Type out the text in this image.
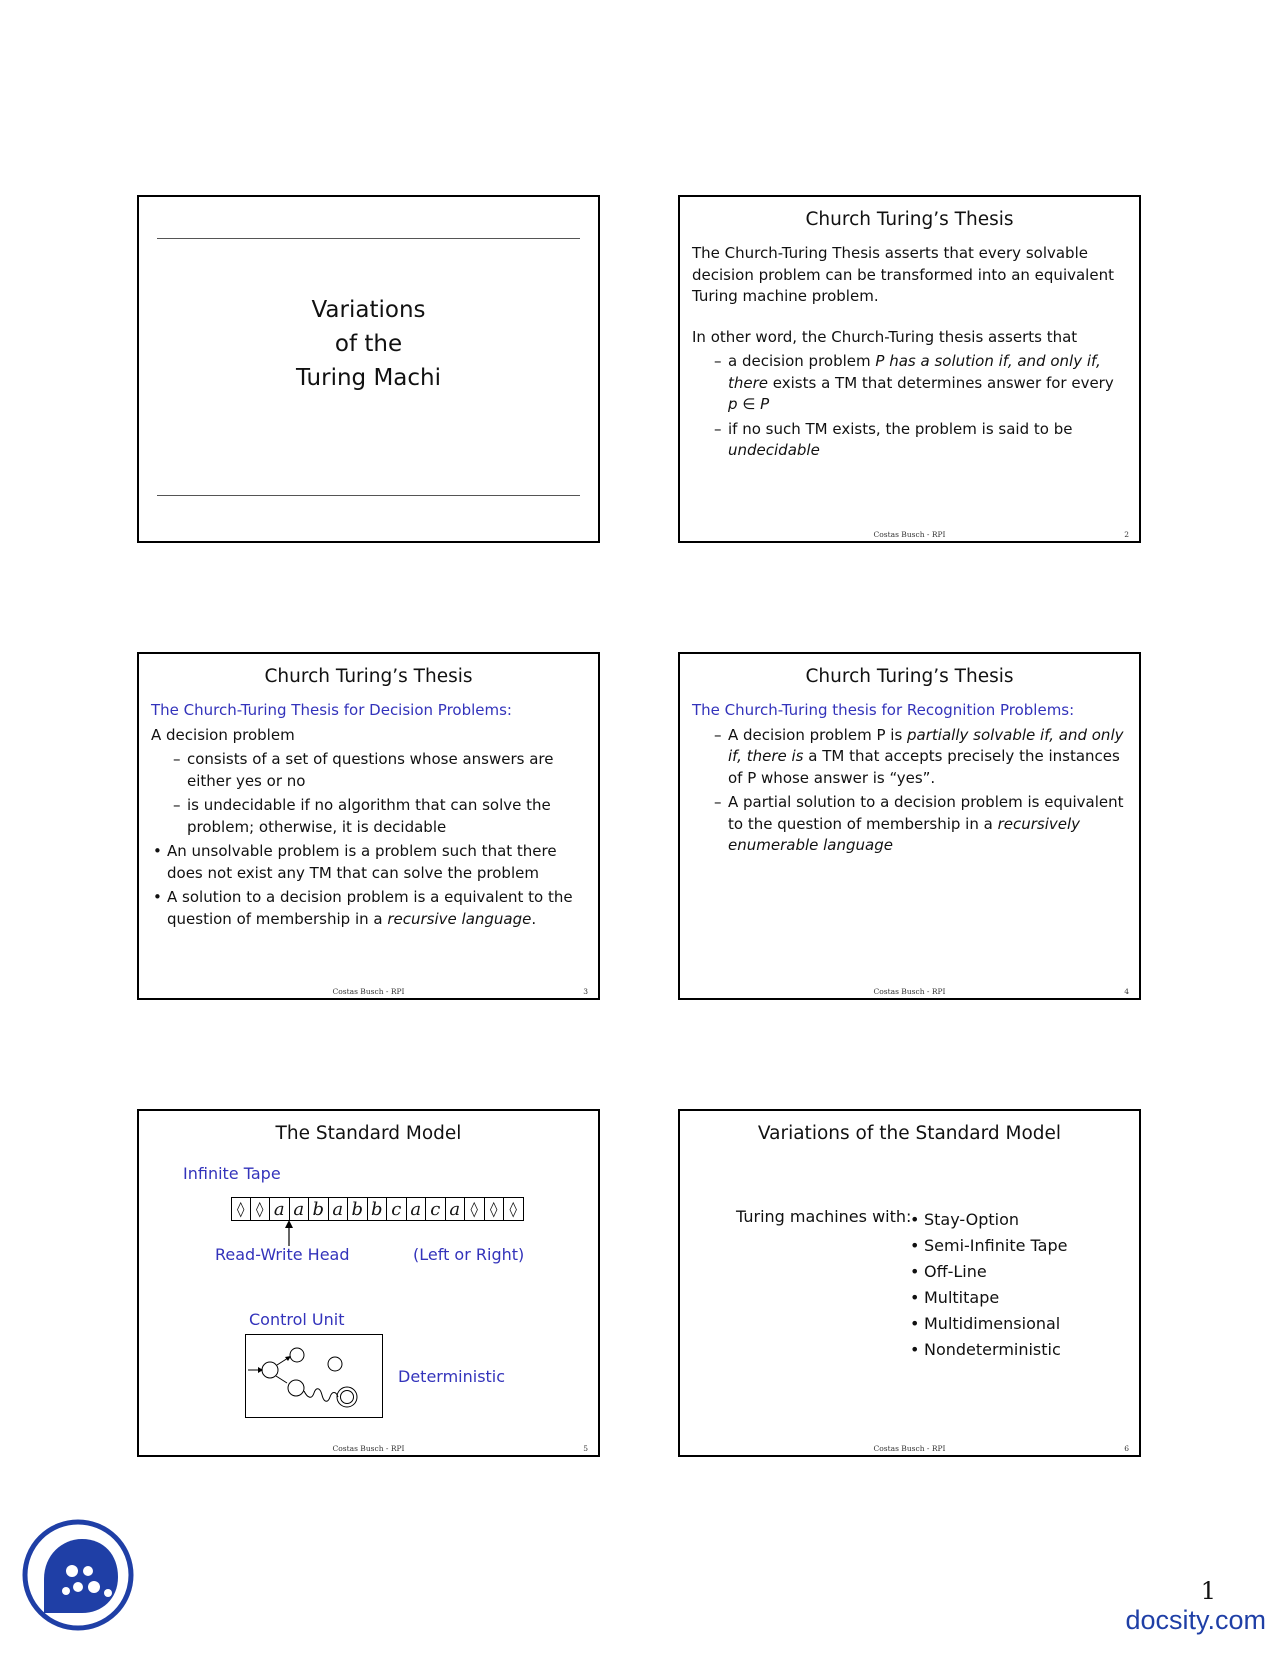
Variations
of the
Turing Machi
Church Turing’s Thesis
The Church-Turing Thesis asserts that every solvable decision problem can be transformed into an equivalent Turing machine problem.
In other word, the Church-Turing thesis asserts that
– a decision problem P has a solution if, and only if, there exists a TM that determines answer for every p ∈ P
– if no such TM exists, the problem is said to be
undecidable
Costas Busch - RPI	2
Church Turing’s Thesis
The Church-Turing Thesis for Decision Problems:
A decision problem
– consists of a set of questions whose answers are either yes or no
– is undecidable if no algorithm that can solve the problem; otherwise, it is decidable
• An unsolvable problem is a problem such that there does not exist any TM that can solve the problem
• A solution to a decision problem is a equivalent to the question of membership in a recursive language.
Costas Busch - RPI	3
Church Turing’s Thesis
The Church-Turing thesis for Recognition Problems:
– A decision problem P is partially solvable if, and only if, there is a TM that accepts precisely the instances of P whose answer is “yes”.
– A partial solution to a decision problem is equivalent to the question of membership in a recursively enumerable language
Costas Busch - RPI	4
The Standard Model
Infinite Tape
◊ ◊ a a b a b b c a c a ◊ ◊ ◊
Read-Write Head	(Left or Right)
Control Unit
Deterministic
Costas Busch - RPI	5
Variations of the Standard Model
Turing machines with:
• Stay-Option
• Semi-Infinite Tape
• Off-Line
• Multitape
• Multidimensional
• Nondeterministic
Costas Busch - RPI	6
1
docsity.com
